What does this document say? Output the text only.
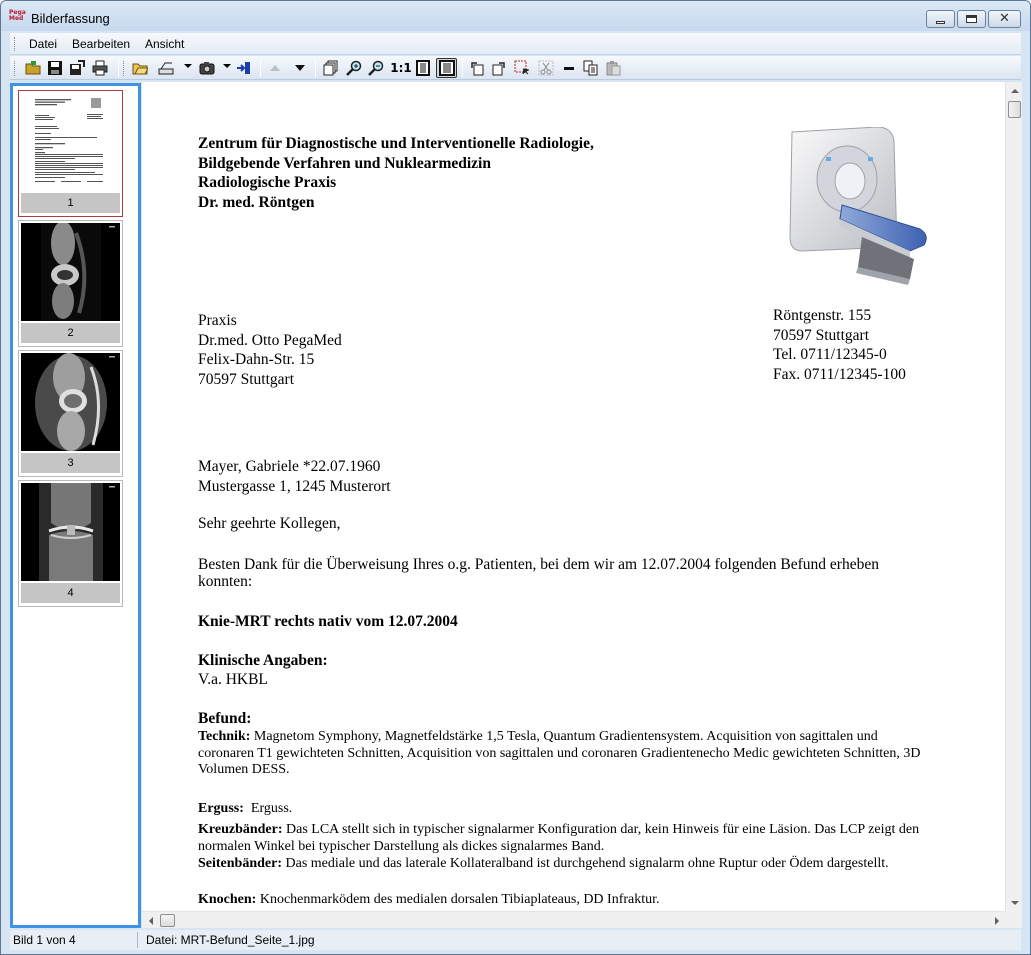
Pega
Med Bilderfassung	✕
Datei Bearbeiten Ansicht
1:1
1
2
3
4
Zentrum für Diagnostische und Interventionelle Radiologie,
Bildgebende Verfahren und Nuklearmedizin
Radiologische Praxis
Dr. med. Röntgen
Praxis
Dr.med. Otto PegaMed
Felix-Dahn-Str. 15
70597 Stuttgart
Röntgenstr. 155
70597 Stuttgart
Tel. 0711/12345-0
Fax. 0711/12345-100
Mayer, Gabriele *22.07.1960
Mustergasse 1, 1245 Musterort
Sehr geehrte Kollegen,
Besten Dank für die Überweisung Ihres o.g. Patienten, bei dem wir am 12.07.2004 folgenden Befund erheben konnten:
Knie-MRT rechts nativ vom 12.07.2004
Klinische Angaben:
V.a. HKBL
Befund:
Technik: Magnetom Symphony, Magnetfeldstärke 1,5 Tesla, Quantum Gradientensystem. Acquisition von sagittalen und coronaren T1 gewichteten Schnitten, Acquisition von sagittalen und coronaren Gradientenecho Medic gewichteten Schnitten, 3D Volumen DESS.
Erguss:  Erguss.
Kreuzbänder: Das LCA stellt sich in typischer signalarmer Konfiguration dar, kein Hinweis für eine Läsion. Das LCP zeigt den normalen Winkel bei typischer Darstellung als dickes signalarmes Band.
Seitenbänder: Das mediale und das laterale Kollateralband ist durchgehend signalarm ohne Ruptur oder Ödem dargestellt.
Knochen: Knochenmarködem des medialen dorsalen Tibiaplateaus, DD Infraktur.
Bild 1 von 4	Datei: MRT-Befund_Seite_1.jpg
